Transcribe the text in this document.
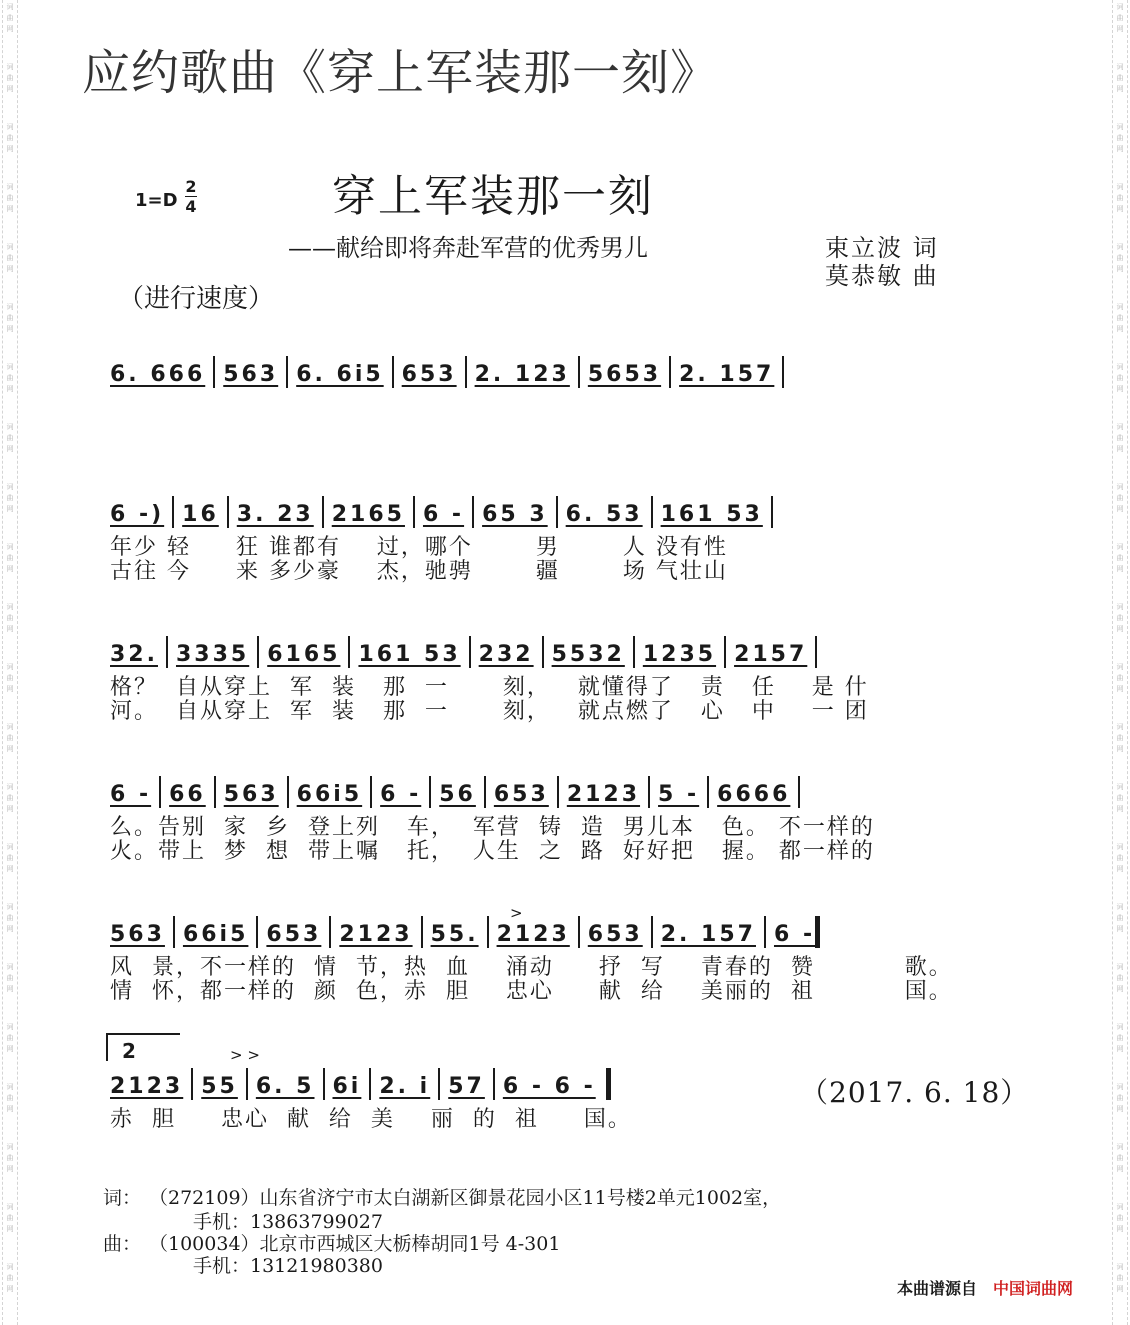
词
曲
网
词
曲
网
词
曲
网
词
曲
网
词
曲
网
词
曲
网
词
曲
网
词
曲
网
词
曲
网
词
曲
网
词
曲
网
词
曲
网
词
曲
网
词
曲
网
词
曲
网
词
曲
网
词
曲
网
词
曲
网
词
曲
网
词
曲
网
词
曲
网
词
曲
网
词
曲
网
词
曲
网
词
曲
网
词
曲
网
词
曲
网
词
曲
网
词
曲
网
词
曲
网
词
曲
网
词
曲
网
词
曲
网
词
曲
网
词
曲
网
词
曲
网
词
曲
网
词
曲
网
词
曲
网
词
曲
网
词
曲
网
词
曲
网
词
曲
网
词
曲
网
应约歌曲《穿上军装那一刻》
1=D
2
4	穿上军装那一刻
——献给即将奔赴军营的优秀男儿	束立波 词
莫恭敏 曲
（进行速度）
6. 666 563 6. 6i5 653 2. 123 5653 2. 157
6 -) 16 3. 23 2165 6 - 65 3 6. 53 161 53
年少 轻     狂 谁都有    过，哪个       男       人 没有性
古往 今     来 多少豪    杰，驰骋       疆       场 气壮山
32. 3335 6165 161 53 232 5532 1235 2157
格？  自从穿上  军  装   那  一      刻，   就懂得了   责   任    是 什
河。  自从穿上  军  装   那  一      刻，   就点燃了   心   中    一 团
6 - 66 563 66i5 6 - 56 653 2123 5 - 6666
么。告别  家  乡  登上列   车，  军营  铸  造  男儿本   色。 不一样的
火。带上  梦  想  带上嘱   托，  人生  之  路  好好把   握。 都一样的
>
563 66i5 653 2123 55. 2123 653 2. 157 6 -
风  景，不一样的  情  节，热  血    涌动     抒  写    青春的  赞          歌。
情  怀，都一样的  颜  色，赤  胆    忠心     献  给    美丽的  祖          国。
2	> >
2123 55 6. 5 6i 2. i 57 6 - 6 -
赤  胆     忠心  献  给  美    丽  的  祖     国。
（2017. 6. 18）
词： （272109）山东省济宁市太白湖新区御景花园小区11号楼2单元1002室，
手机：13863799027
曲： （100034）北京市西城区大栃棒胡同1号 4-301
手机：13121980380
本曲谱源自 中国词曲网
